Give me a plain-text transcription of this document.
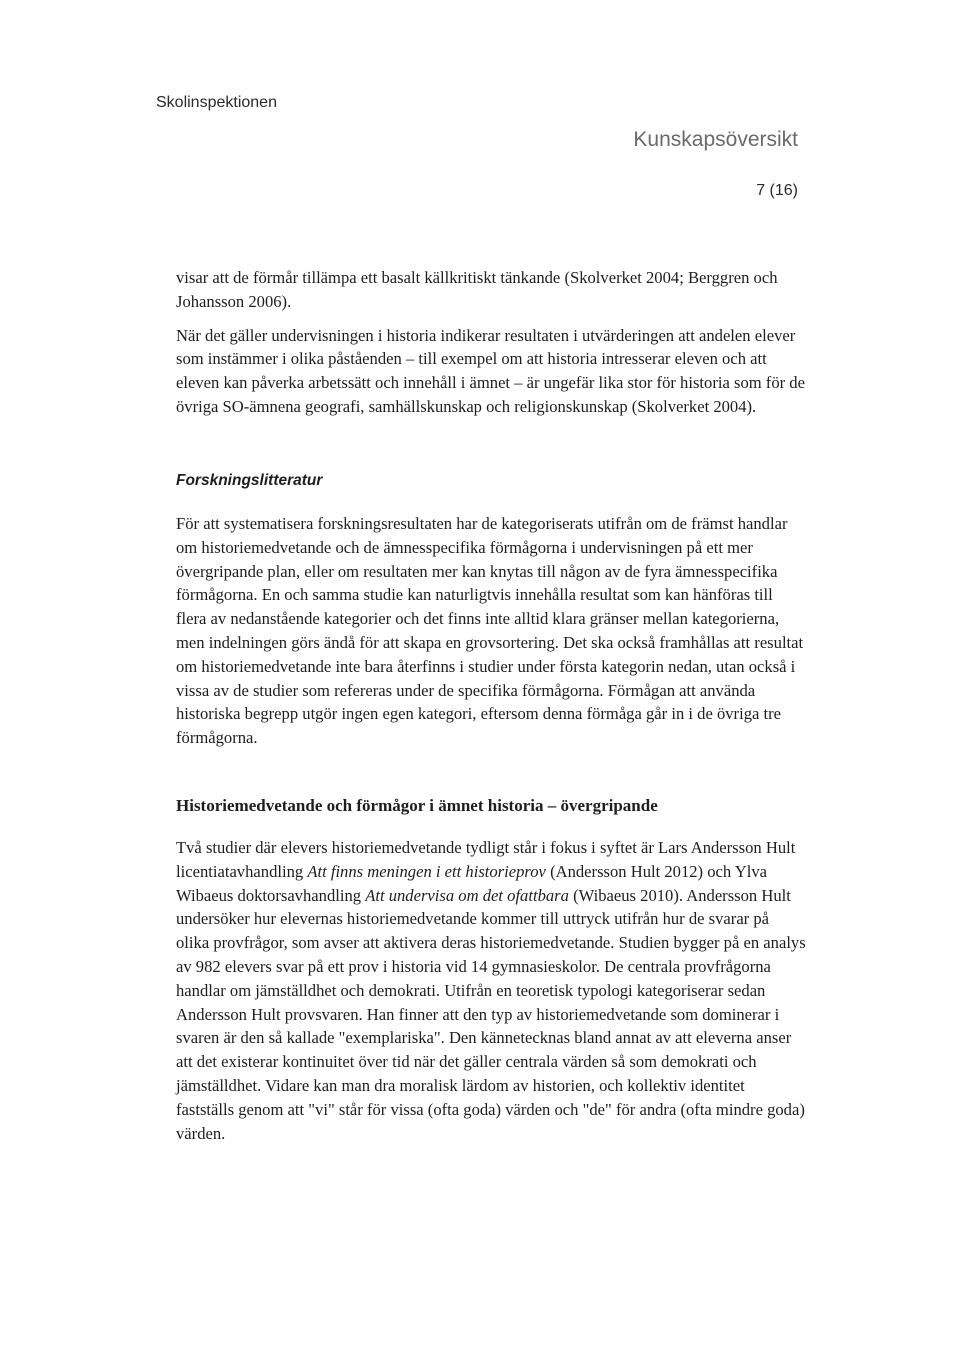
Skolinspektionen
Kunskapsöversikt
7 (16)

visar att de förmår tillämpa ett basalt källkritiskt tänkande (Skolverket 2004; Berggren och Johansson 2006).

När det gäller undervisningen i historia indikerar resultaten i utvärderingen att andelen elever som instämmer i olika påståenden – till exempel om att historia intresserar eleven och att eleven kan påverka arbetssätt och innehåll i ämnet – är ungefär lika stor för historia som för de övriga SO-ämnena geografi, samhällskunskap och religionskunskap (Skolverket 2004).

Forskningslitteratur

För att systematisera forskningsresultaten har de kategoriserats utifrån om de främst handlar om historiemedvetande och de ämnesspecifika förmågorna i undervisningen på ett mer övergripande plan, eller om resultaten mer kan knytas till någon av de fyra ämnesspecifika förmågorna. En och samma studie kan naturligtvis innehålla resultat som kan hänföras till flera av nedanstående kategorier och det finns inte alltid klara gränser mellan kategorierna, men indelningen görs ändå för att skapa en grovsortering. Det ska också framhållas att resultat om historiemedvetande inte bara återfinns i studier under första kategorin nedan, utan också i vissa av de studier som refereras under de specifika förmågorna. Förmågan att använda historiska begrepp utgör ingen egen kategori, eftersom denna förmåga går in i de övriga tre förmågorna.

Historiemedvetande och förmågor i ämnet historia – övergripande

Två studier där elevers historiemedvetande tydligt står i fokus i syftet är Lars Andersson Hult licentiatavhandling Att finns meningen i ett historieprov (Andersson Hult 2012) och Ylva Wibaeus doktorsavhandling Att undervisa om det ofattbara (Wibaeus 2010). Andersson Hult undersöker hur elevernas historiemedvetande kommer till uttryck utifrån hur de svarar på olika provfrågor, som avser att aktivera deras historiemedvetande. Studien bygger på en analys av 982 elevers svar på ett prov i historia vid 14 gymnasieskolor. De centrala provfrågorna handlar om jämställdhet och demokrati. Utifrån en teoretisk typologi kategoriserar sedan Andersson Hult provsvaren. Han finner att den typ av historiemedvetande som dominerar i svaren är den så kallade "exemplariska". Den kännetecknas bland annat av att eleverna anser att det existerar kontinuitet över tid när det gäller centrala värden så som demokrati och jämställdhet. Vidare kan man dra moralisk lärdom av historien, och kollektiv identitet fastställs genom att "vi" står för vissa (ofta goda) värden och "de" för andra (ofta mindre goda) värden.
